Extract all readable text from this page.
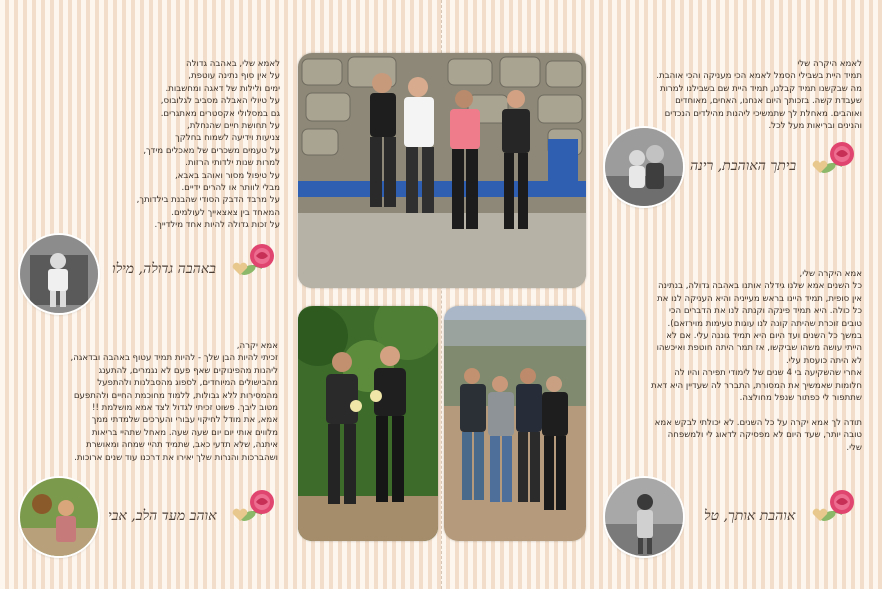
לאמא היקרה שלי
תמיד היית בשבילי הסמל לאמא הכי מעניקה והכי אוהבת.
מה שבקשנו תמיד קבלנו, תמיד היית שם בשבילנו למרות
שעבדת קשה. בזכותך היום אנחנו, האחים, מאוחדים
ואוהבים. מאחלת לך שתמשיכי ליהנות מהילדים הנכדים
והנינים ובריאות מעל לכל.
ביתך האוהבת, רינה
לאמא שלי, באהבה גדולה
על אין סוף נתינה עוטפת,
ימים ולילות של דאגה ומחשבות.
על טיולי האבלה מסביב לגלובוס,
גם במסלולי אקסטרים מאתגרים.
על תחושת חיים שהנחלת,
צניעות וידיעה לשמוח בחלקך
על טעמים משכרים של מאכלים מידך,
למרות שנות ילדותי הרזות.
על טיפול מסור ואוהב באבא,
מבלי לוותר או להרים ידיים.
על מרבד הדבק הסודי שהבנת בילדותך,
המאחד בין צאצאייך לעולמים.
על זכות גדולה להיות אחד מילדייך.
באהבה גדולה, מילו
אמא יקרה,
זכיתי להיות הבן שלך - להיות תמיד עטוף באהבה ובדאגה,
ליהנות מהפינוקים שאף פעם לא נגמרים, להתענג
מהבישולים המיוחדים, לספוג מהסבלנות ולהתפעל
מהמסירות ללא גבולות, ללמוד מחוכמת החיים ולהתפעם
מטוב ליבך. פשוט זכיתי לגדול לצד אמא מושלמת !!
אמא, את מודל לחיקוי עבורי והערכים שלמדתי ממך
מלווים אותי יום יום שעה שעה. מאחל שתהיי בריאות
איתנה, שלא תדעי כאב, שתמיד תהיי שמחה ומאושרת
ושהברכות והנרות שלך יאירו את דרכנו עוד שנים ארוכות.
אוהב מעד הלב, אבי
אמא היקרה שלי,
כל השנים אמא שלנו גידלה אותנו באהבה גדולה, בנתינה
אין סופית, תמיד היינו בראש מעייניה והיא העניקה לנו את
כל כולה. היא תמיד פינקה וקנתה לנו את הדברים הכי
טובים זוכרת שהיתה קונה לנו עוגות טעימות מוירזאם).
במשך כל השנים ועד היום היא תמיד גוננה עלי. אם לא
הייתי עושה משהו שביקשו, אז תמר היתה חוטפת ואיכשהו
לא היתה כועסת עלי.
אחרי שהשקיעה בי 4 שנים של לימודי תפירה והיו לה
חלומות שאמשיך את המסורת, התברר לה שעדיין היא דאת
שתתפור לי כפתור שנפל מחולצה.

תודה לך אמא יקרה על כל השנים. לא יכולתי לבקש אמא
טובה יותר, שעד היום לא מפסיקה לדאוג לי ולמשפחה
שלי.
אוהבת אותך, טל
